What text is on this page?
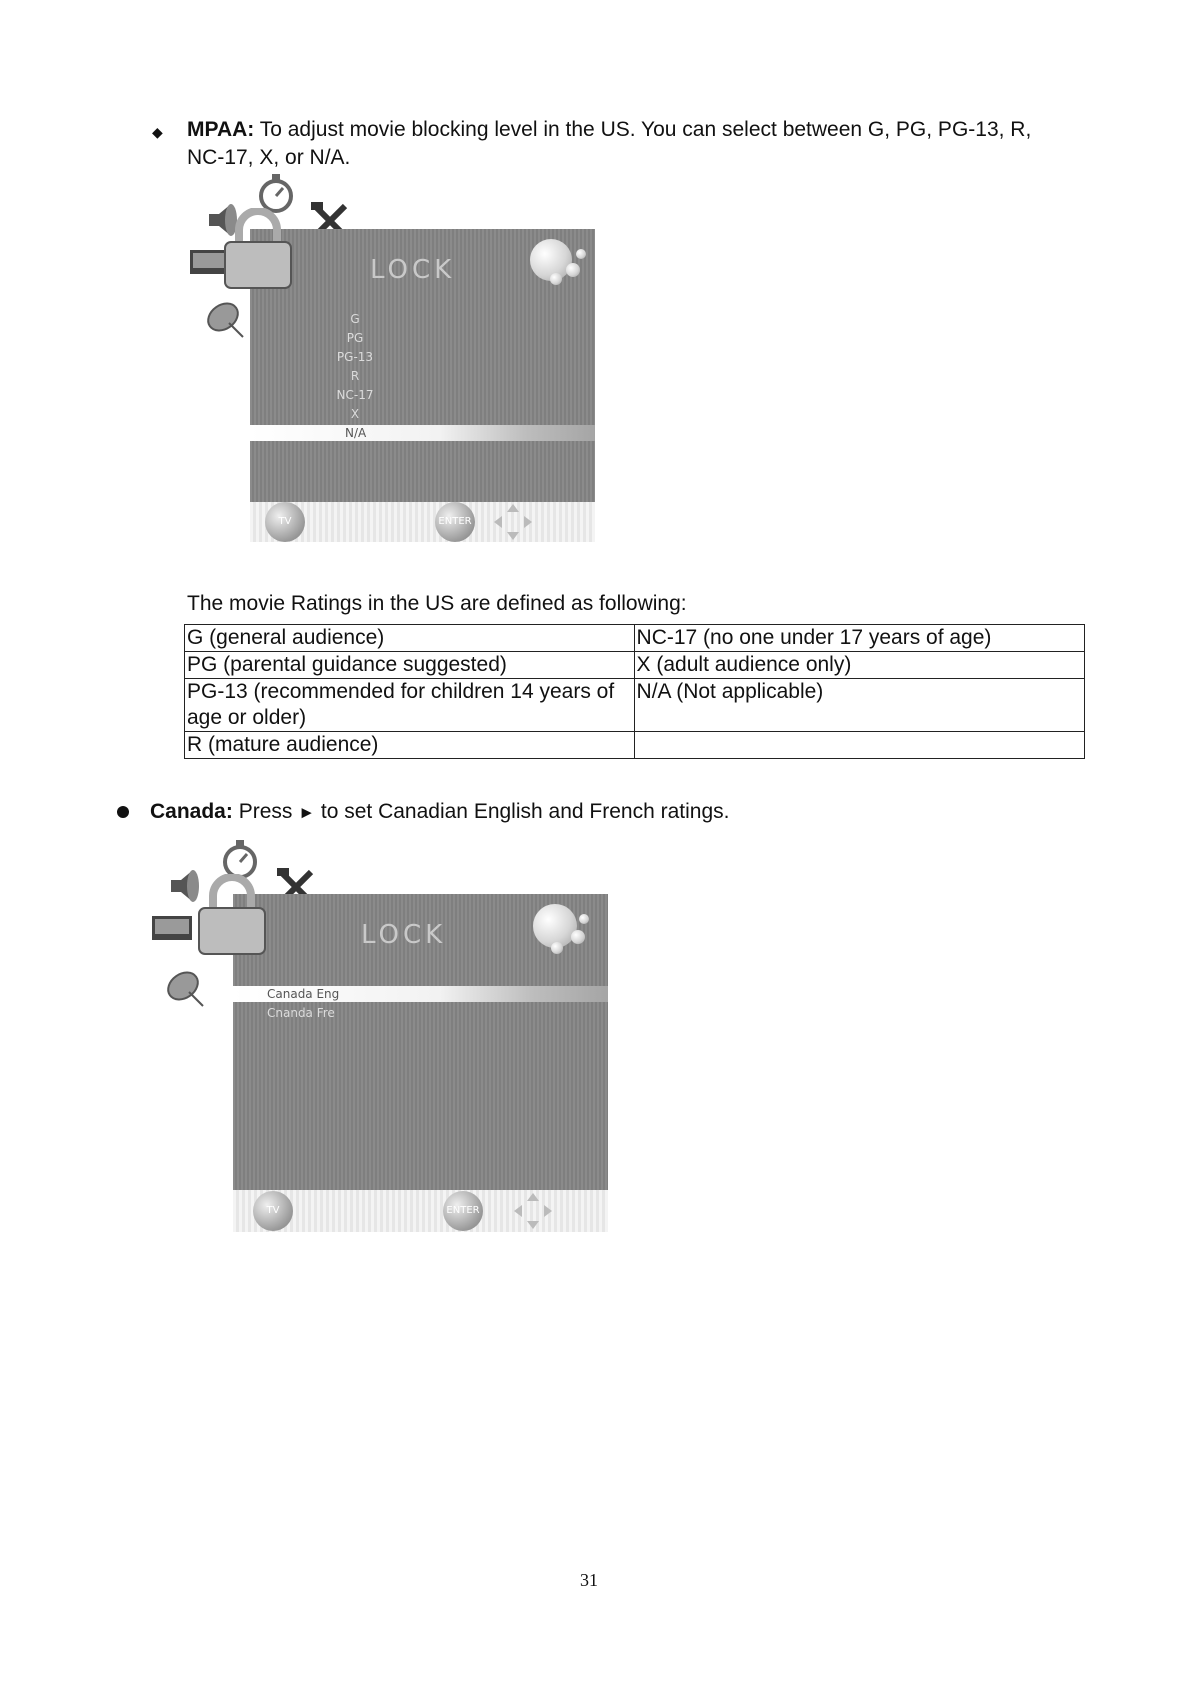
◆ MPAA: To adjust movie blocking level in the US. You can select between G, PG, PG-13, R,
NC-17, X, or N/A.
LOCK
G
PG
PG-13
R
NC-17
X
N/A
TV MENU
ENTER
The movie Ratings in the US are defined as following:
G (general audience)	NC-17 (no one under 17 years of age)
PG (parental guidance suggested)	X (adult audience only)
PG-13 (recommended for children 14 years of age or older)	N/A (Not applicable)
R (mature audience)	
Canada: Press ► to set Canadian English and French ratings.
LOCK
Canada Eng
Cnanda Fre
TV MENU
ENTER
31
